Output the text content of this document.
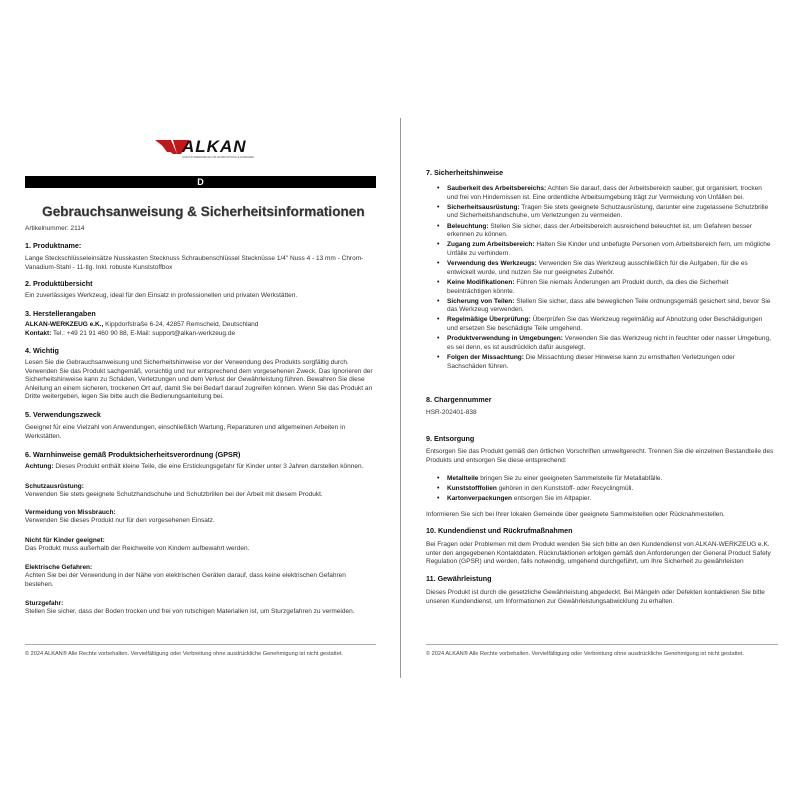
ALKAN
QUALITÄTSWERKZEUGE FÜR ANSPRUCHSVOLLE ANWENDER
D
Gebrauchsanweisung & Sicherheitsinformationen
Artikelnummer: 2114
1. Produktname:
Lange Steckschlüsseleinsätze Nusskasten Stecknuss Schraubenschlüssel Stecknüsse 1/4" Nuss 4 - 13 mm - Chrom-Vanadium-Stahl - 11-tlg. Inkl. robuste Kunststoffbox
2. Produktübersicht
Ein zuverlässiges Werkzeug, ideal für den Einsatz in professionellen und privaten Werkstätten.
3. Herstellerangaben
ALKAN-WERKZEUG e.K., Kippdorfstraße 6-24, 42857 Remscheid, Deutschland
Kontakt: Tel.: +49 21 91 460 90 88, E-Mail: support@alkan-werkzeug.de
4. Wichtig
Lesen Sie die Gebrauchsanweisung und Sicherheitshinweise vor der Verwendung des Produkts sorgfältig durch. Verwenden Sie das Produkt sachgemäß, vorsichtig und nur entsprechend dem vorgesehenen Zweck. Das Ignorieren der Sicherheitshinweise kann zu Schäden, Verletzungen und dem Verlust der Gewährleistung führen. Bewahren Sie diese Anleitung an einem sicheren, trockenen Ort auf, damit Sie bei Bedarf darauf zugreifen können. Wenn Sie das Produkt an Dritte weitergeben, legen Sie bitte auch die Bedienungsanleitung bei.
5. Verwendungszweck
Geeignet für eine Vielzahl von Anwendungen, einschließlich Wartung, Reparaturen und allgemeinen Arbeiten in Werkstätten.
6. Warnhinweise gemäß Produktsicherheitsverordnung (GPSR)
Achtung: Dieses Produkt enthält kleine Teile, die eine Erstickungsgefahr für Kinder unter 3 Jahren darstellen können.
Schutzausrüstung:
Verwenden Sie stets geeignete Schutzhandschuhe und Schutzbrillen bei der Arbeit mit diesem Produkt.
Vermeidung von Missbrauch:
Verwenden Sie dieses Produkt nur für den vorgesehenen Einsatz.
Nicht für Kinder geeignet:
Das Produkt muss außerhalb der Reichweite von Kindern aufbewahrt werden.
Elektrische Gefahren:
Achten Sie bei der Verwendung in der Nähe von elektrischen Geräten darauf, dass keine elektrischen Gefahren bestehen.
Sturzgefahr:
Stellen Sie sicher, dass der Boden trocken und frei von rutschigen Materialien ist, um Sturzgefahren zu vermeiden.
© 2024 ALKAN® Alle Rechte vorbehalten. Vervielfältigung oder Verbreitung ohne ausdrückliche Genehmigung ist nicht gestattet.
7. Sicherheitshinweise
• Sauberkeit des Arbeitsbereichs: Achten Sie darauf, dass der Arbeitsbereich sauber, gut organisiert, trocken und frei von Hindernissen ist. Eine ordentliche Arbeitsumgebung trägt zur Vermeidung von Unfällen bei.
• Sicherheitsausrüstung: Tragen Sie stets geeignete Schutzausrüstung, darunter eine zugelassene Schutzbrille und Sicherheitshandschuhe, um Verletzungen zu vermeiden.
• Beleuchtung: Stellen Sie sicher, dass der Arbeitsbereich ausreichend beleuchtet ist, um Gefahren besser erkennen zu können.
• Zugang zum Arbeitsbereich: Halten Sie Kinder und unbefugte Personen vom Arbeitsbereich fern, um mögliche Unfälle zu verhindern.
• Verwendung des Werkzeugs: Verwenden Sie das Werkzeug ausschließlich für die Aufgaben, für die es entwickelt wurde, und nutzen Sie nur geeignetes Zubehör.
• Keine Modifikationen: Führen Sie niemals Änderungen am Produkt durch, da dies die Sicherheit beeinträchtigen könnte.
• Sicherung von Teilen: Stellen Sie sicher, dass alle beweglichen Teile ordnungsgemäß gesichert sind, bevor Sie das Werkzeug verwenden.
• Regelmäßige Überprüfung: Überprüfen Sie das Werkzeug regelmäßig auf Abnutzung oder Beschädigungen und ersetzen Sie beschädigte Teile umgehend.
• Produktverwendung in Umgebungen: Verwenden Sie das Werkzeug nicht in feuchter oder nasser Umgebung, es sei denn, es ist ausdrücklich dafür ausgelegt.
• Folgen der Missachtung: Die Missachtung dieser Hinweise kann zu ernsthaften Verletzungen oder Sachschäden führen.
8. Chargennummer
HSR-202401-838
9. Entsorgung
Entsorgen Sie das Produkt gemäß den örtlichen Vorschriften umweltgerecht. Trennen Sie die einzelnen Bestandteile des Produkts und entsorgen Sie diese entsprechend:
• Metallteile bringen Sie zu einer geeigneten Sammelstelle für Metallabfälle.
• Kunststofffolien gehören in den Kunststoff- oder Recyclingmüll.
• Kartonverpackungen entsorgen Sie im Altpapier.
Informieren Sie sich bei Ihrer lokalen Gemeinde über geeignete Sammelstellen oder Rücknahmestellen.
10. Kundendienst und Rückrufmaßnahmen
Bei Fragen oder Problemen mit dem Produkt wenden Sie sich bitte an den Kundendienst von ALKAN-WERKZEUG e.K. unter den angegebenen Kontaktdaten. Rückrufaktionen erfolgen gemäß den Anforderungen der General Product Safety Regulation (GPSR) und werden, falls notwendig, umgehend durchgeführt, um Ihre Sicherheit zu gewährleisten
11. Gewährleistung
Dieses Produkt ist durch die gesetzliche Gewährleistung abgedeckt. Bei Mängeln oder Defekten kontaktieren Sie bitte unseren Kundendienst, um Informationen zur Gewährleistungsabwicklung zu erhalten.
© 2024 ALKAN® Alle Rechte vorbehalten. Vervielfältigung oder Verbreitung ohne ausdrückliche Genehmigung ist nicht gestattet.
